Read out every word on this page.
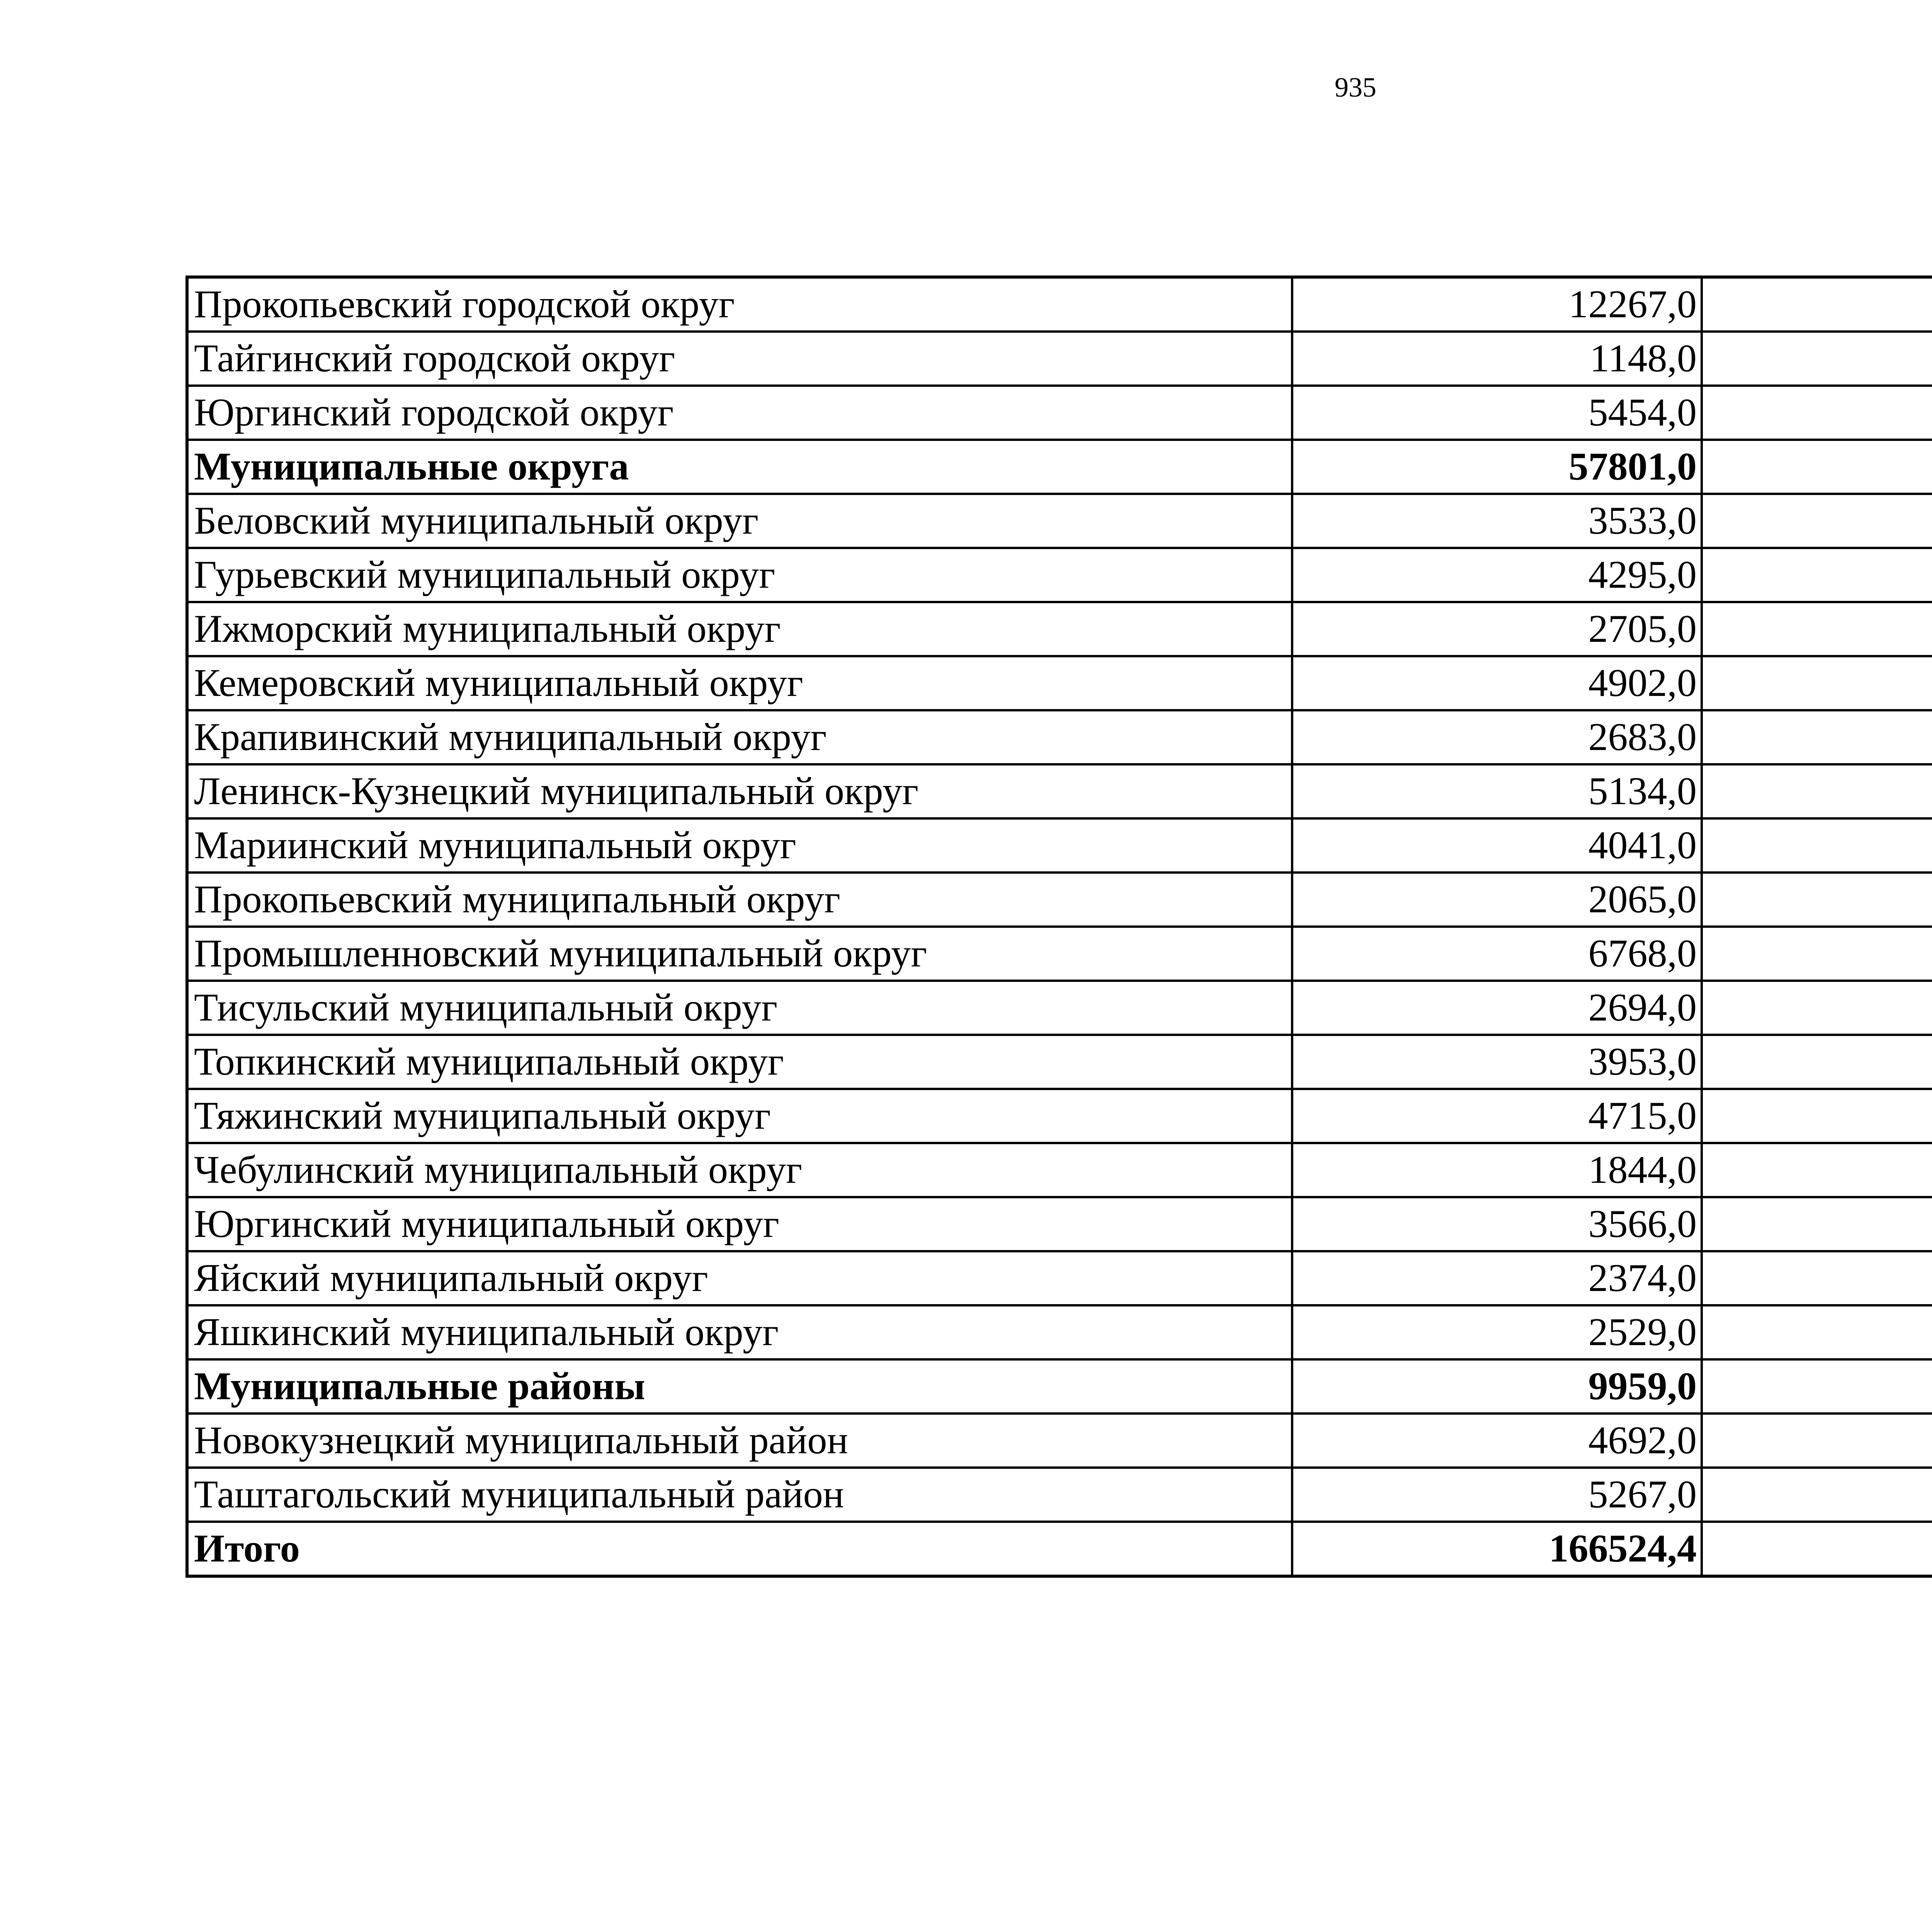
935
Прокопьевский городской округ	12267,0		
Тайгинский городской округ	1148,0		
Юргинский городской округ	5454,0		
Муниципальные округа	57801,0		
Беловский муниципальный округ	3533,0		
Гурьевский муниципальный округ	4295,0		
Ижморский муниципальный округ	2705,0		
Кемеровский муниципальный округ	4902,0		
Крапивинский муниципальный округ	2683,0		
Ленинск-Кузнецкий муниципальный округ	5134,0		
Мариинский муниципальный округ	4041,0		
Прокопьевский муниципальный округ	2065,0		
Промышленновский муниципальный округ	6768,0		
Тисульский муниципальный округ	2694,0		
Топкинский муниципальный округ	3953,0		
Тяжинский муниципальный округ	4715,0		
Чебулинский муниципальный округ	1844,0		
Юргинский муниципальный округ	3566,0		
Яйский муниципальный округ	2374,0		
Яшкинский муниципальный округ	2529,0		
Муниципальные районы	9959,0		
Новокузнецкий муниципальный район	4692,0		
Таштагольский муниципальный район	5267,0		
Итого	166524,4		
